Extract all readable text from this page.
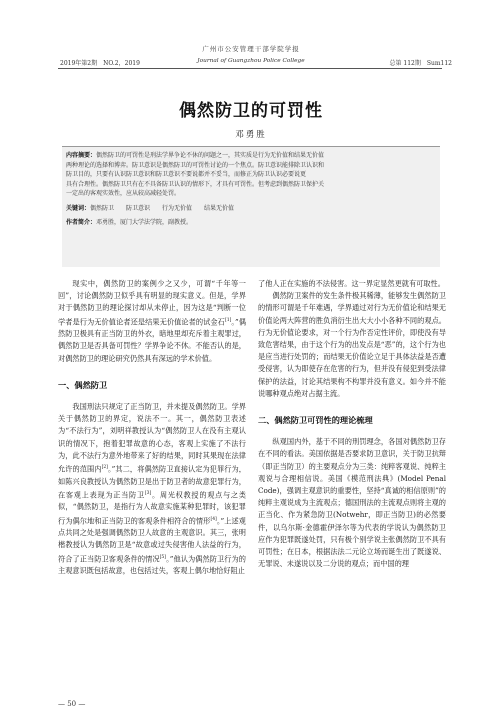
广州市公安管理干部学院学报
2019年第2期　NO.2，2019	Journal of Guangzhou Police College	总第 112期　Sum112
偶然防卫的可罚性
邓勇胜
内容摘要：偶然防卫的可罚性是刑法学界争论不休的问题之一，其实质是行为无价值和结果无价值
两种理论的选择和博弈。防卫意识是偶然防卫的可罚性讨论的一个焦点。防卫意识能排除卫认识和
防卫目的，只要有认识防卫意识和防卫意识不要说都并不妥当，而修正为防卫认识必要说更
具有合理性。偶然防卫只有在不具备防卫认识的情形下，才具有可罚性。但考虑到偶然防卫保护关
一定出的客观实效性，应从较高减轻处罚。
关键词：偶然防卫　　防卫意识　　行为无价值　　结果无价值
作者简介：邓勇胜，厦门大学法学院，副教授。

现实中，偶然防卫的案例少之又少，可谓“千年等一回”，讨论偶然防卫似乎具有明显的现实意义。但是，学界对于偶然防卫的理论探讨却从未停止，因为这是“判断一位学者是行为无价值论者还是结果无价值论者的试金石[1]。”偶然防卫极具有正当防卫的外衣，暗地里却充斥着主观罪过，偶然防卫是否具备可罚性？学界争论不休。不能否认的是，对偶然防卫的理论研究仍然具有深远的学术价值。

一、偶然防卫

我国刑法只规定了正当防卫，并未提及偶然防卫。学界关于偶然防卫的界定，说法不一。其一，偶然防卫表述为“不法行为”，刘明祥教授认为“偶然防卫人在没有主观认识的情况下，抱着犯罪故意的心态，客观上实施了不法行为，此不法行为意外地带来了好的结果，同时其果现在法律允许的范围内[2]。”其二，将偶然防卫直接认定为犯罪行为，如陈兴良教授认为偶然防卫是出于防卫者的故意犯罪行为，在客观上表现为正当防卫[3]。周光权教授的观点与之类似，“偶然防卫，是指行为人故意实施某种犯罪时，该犯罪行为偶尔地和正当防卫的客观条件相符合的情形[4]。”上述观点共同之处是强调偶然防卫人故意的主观意识。其三，张明楷教授认为偶然防卫是“故意或过失侵害他人法益的行为，符合了正当防卫客观条件的情况[5]。”他认为偶然防卫行为的主观意识既包括故意，也包括过失，客观上偶尔地恰好阻止

了他人正在实施的不法侵害。这一界定显然更就有可取性。

偶然防卫案件的发生条件极其稀薄，能够发生偶然防卫的情形可谓是千年难遇，学界通过对行为无价值论和结果无价值论两大阵营的胜负消衍生出大大小小各种不同的观点。行为无价值论要求，对一个行为作否定性评价，即使没有导致危害结果，由于这个行为的出发点是“恶”的，这个行为也是应当进行处罚的；而结果无价值论立足于具体法益是否遭受侵害，认为即使存在危害的行为，但并没有侵犯到受法律保护的法益，讨论其结果构不构罪并没有意义。如今并不能说哪种观点绝对占据主流。

二、偶然防卫可罚性的理论梳理

纵观国内外，基于不同的刑罚理念，各国对偶然防卫存在不同的看法。美国依据是否要求防卫意识，关于防卫抗辩（即正当防卫）的主要观点分为三类：纯粹客观说、纯粹主观说与合理相信说。美国《模范刑法典》(Model Penal Code)，强调主观意识的重要性，坚持“真诚的相信原则”的纯粹主观说成为主流观点；德国刑法的主流观点则将主观的正当化、作为紧急防卫(Notwehr，即正当防卫)的必然要件，以乌尔斯·金德霍伊泽尔等为代表的学说认为偶然防卫应作为犯罪既遂处罚，只有极个别学说主张偶然防卫不具有可罚性；在日本，根据法法二元论立场而诞生出了既遂说、无罪说、未遂说以及二分说的观点；而中国的理

— 50 —
